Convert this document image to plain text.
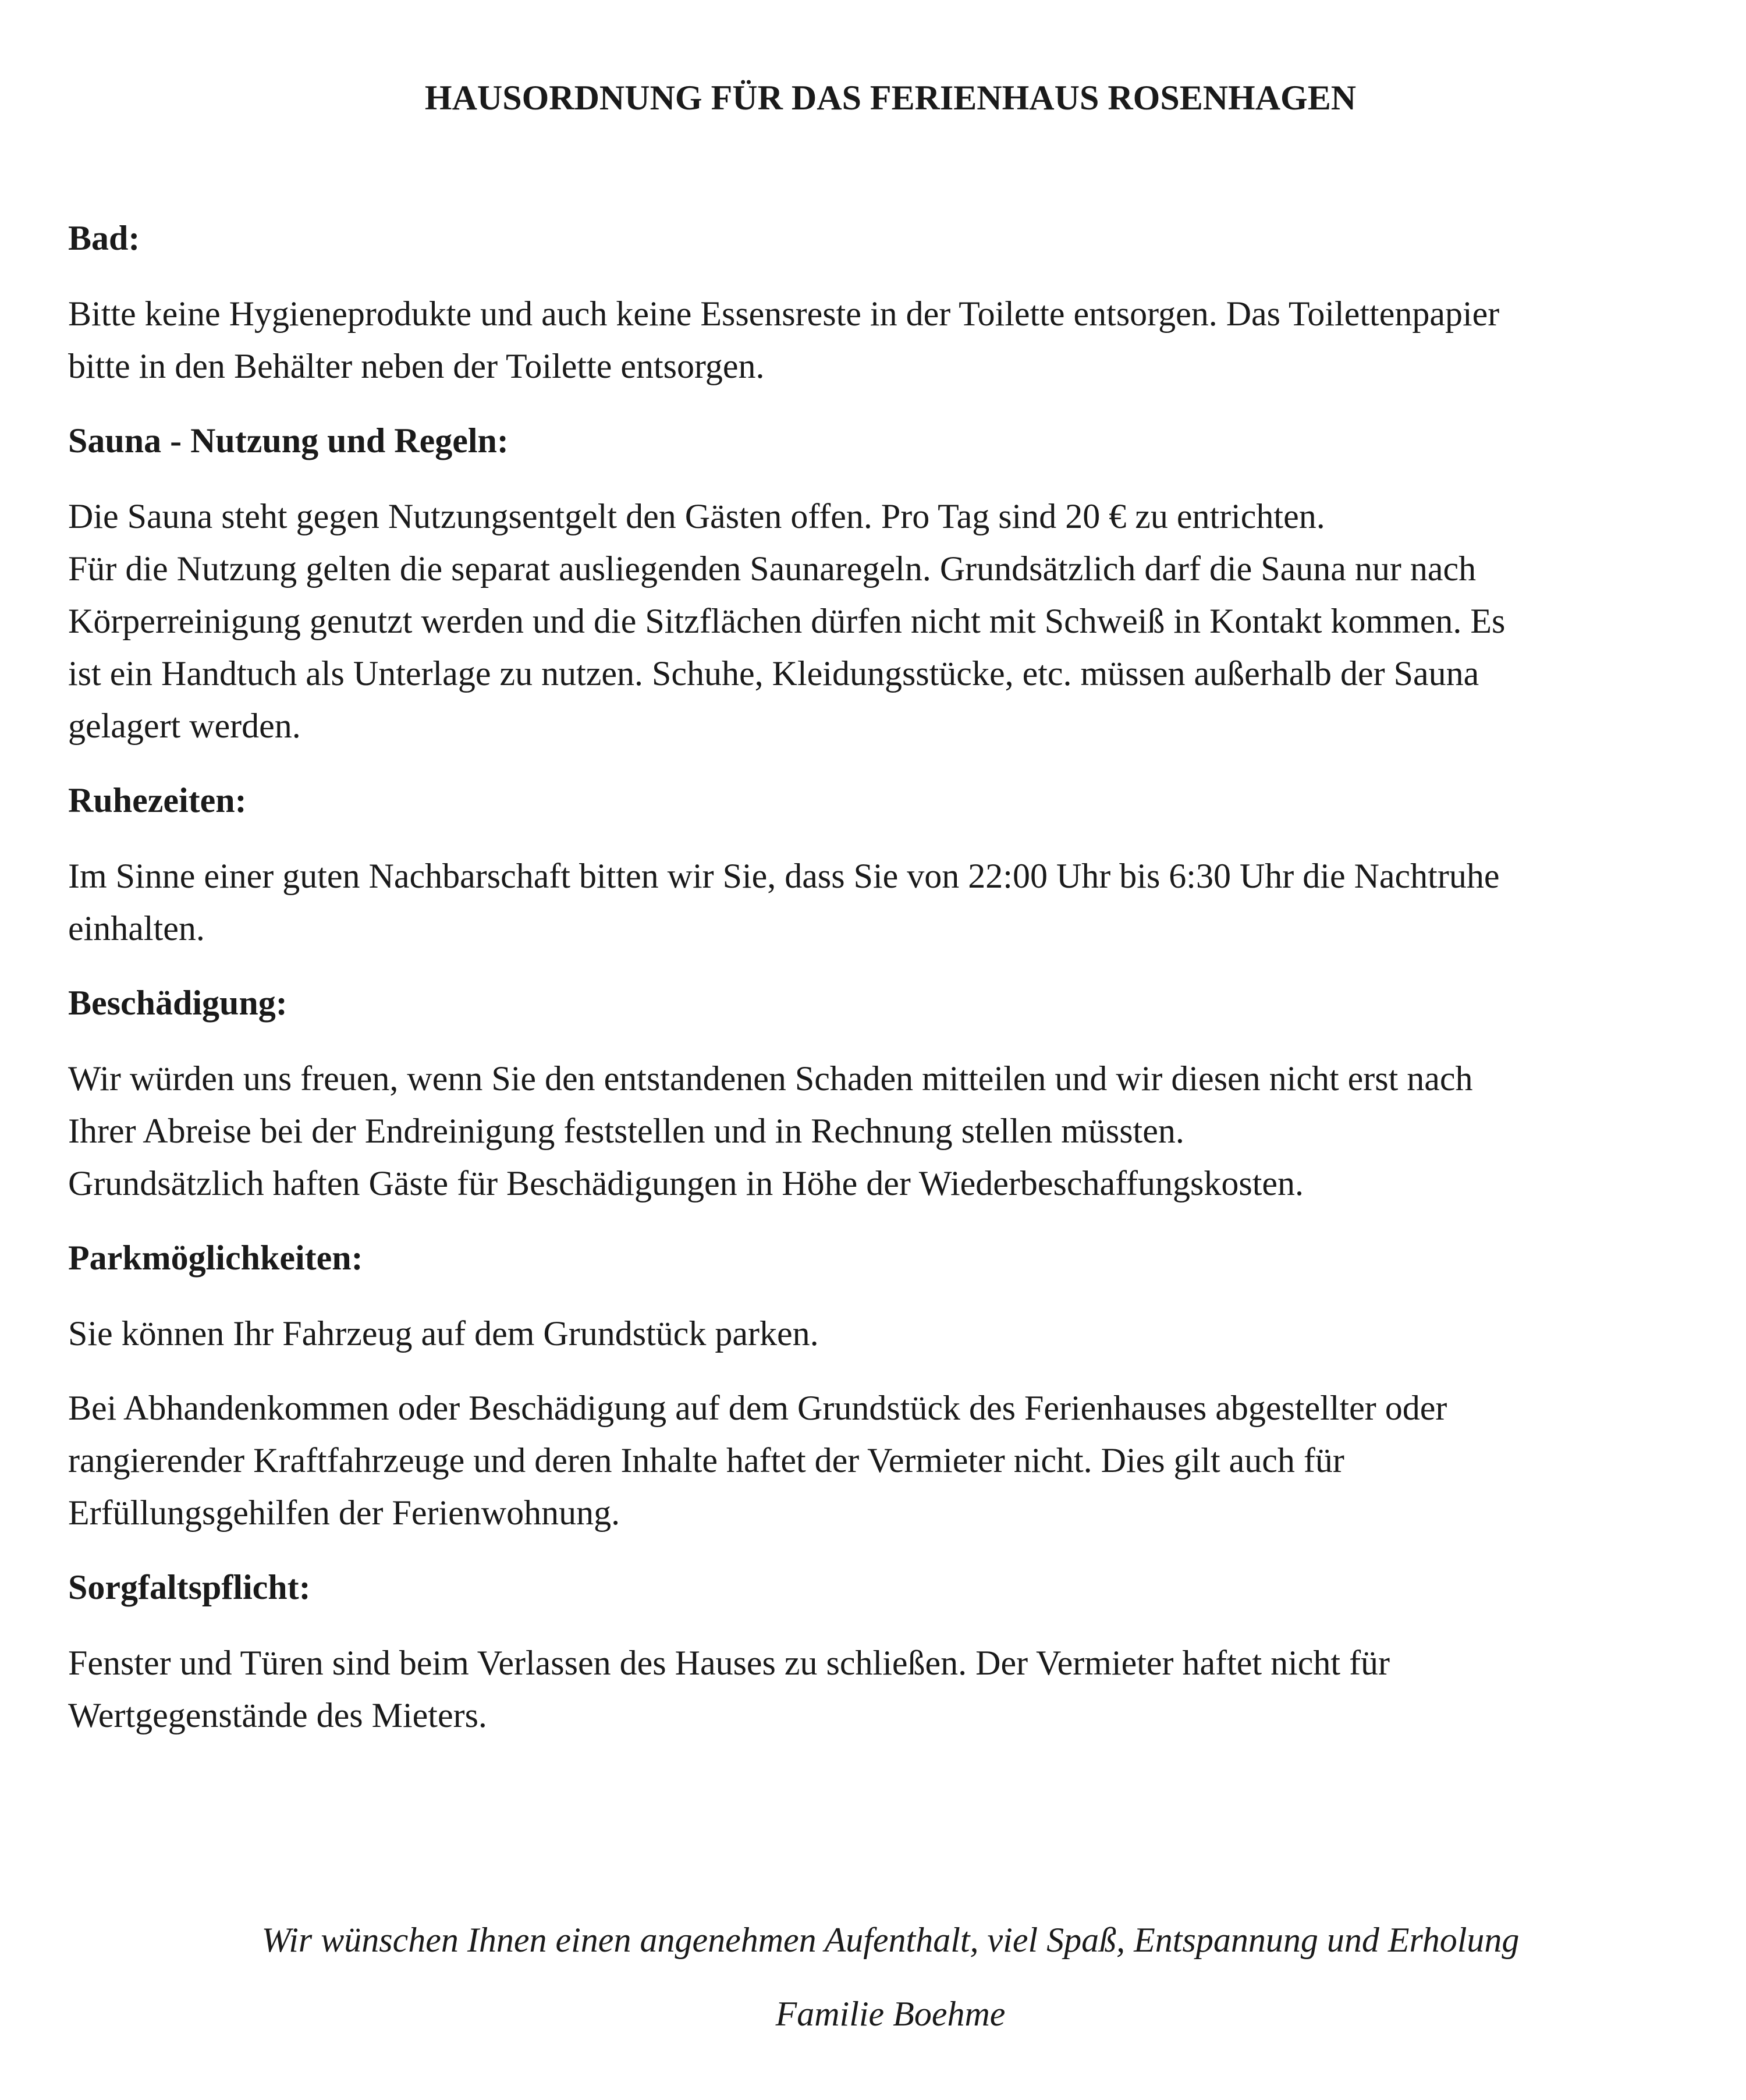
HAUSORDNUNG FÜR DAS FERIENHAUS ROSENHAGEN
Bad:

Bitte keine Hygieneprodukte und auch keine Essensreste in der Toilette entsorgen. Das Toilettenpapier
bitte in den Behälter neben der Toilette entsorgen.

Sauna - Nutzung und Regeln:

Die Sauna steht gegen Nutzungsentgelt den Gästen offen. Pro Tag sind 20 € zu entrichten.
Für die Nutzung gelten die separat ausliegenden Saunaregeln. Grundsätzlich darf die Sauna nur nach
Körperreinigung genutzt werden und die Sitzflächen dürfen nicht mit Schweiß in Kontakt kommen. Es
ist ein Handtuch als Unterlage zu nutzen. Schuhe, Kleidungsstücke, etc. müssen außerhalb der Sauna
gelagert werden.

Ruhezeiten:

Im Sinne einer guten Nachbarschaft bitten wir Sie, dass Sie von 22:00 Uhr bis 6:30 Uhr die Nachtruhe
einhalten.

Beschädigung:

Wir würden uns freuen, wenn Sie den entstandenen Schaden mitteilen und wir diesen nicht erst nach
Ihrer Abreise bei der Endreinigung feststellen und in Rechnung stellen müssten.
Grundsätzlich haften Gäste für Beschädigungen in Höhe der Wiederbeschaffungskosten.

Parkmöglichkeiten:

Sie können Ihr Fahrzeug auf dem Grundstück parken.

Bei Abhandenkommen oder Beschädigung auf dem Grundstück des Ferienhauses abgestellter oder
rangierender Kraftfahrzeuge und deren Inhalte haftet der Vermieter nicht. Dies gilt auch für
Erfüllungsgehilfen der Ferienwohnung.

Sorgfaltspflicht:

Fenster und Türen sind beim Verlassen des Hauses zu schließen. Der Vermieter haftet nicht für
Wertgegenstände des Mieters.

Wir wünschen Ihnen einen angenehmen Aufenthalt, viel Spaß, Entspannung und Erholung

Familie Boehme
